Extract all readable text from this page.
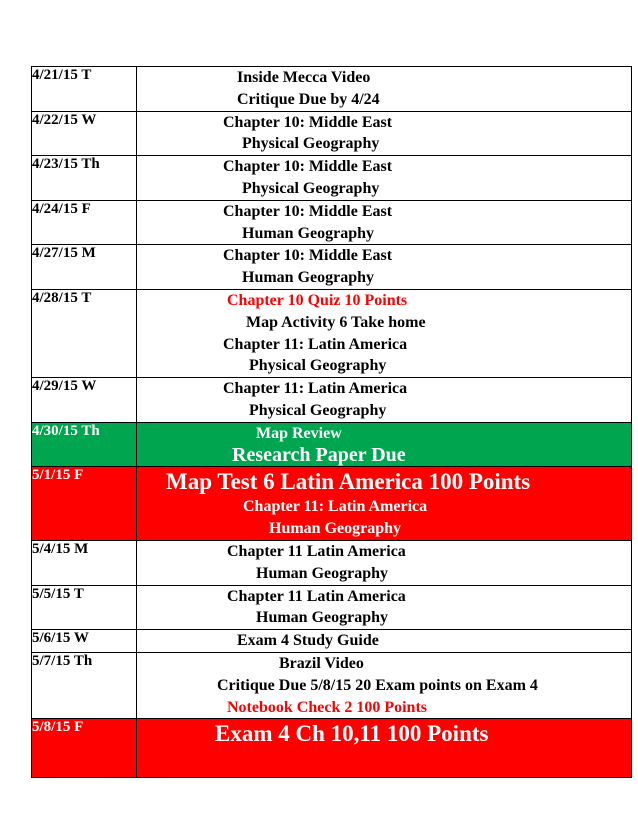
4/21/15 T	Inside Mecca Video
Critique Due by 4/24

4/22/15 W	Chapter 10: Middle East
Physical Geography

4/23/15 Th	Chapter 10: Middle East
Physical Geography

4/24/15 F	Chapter 10: Middle East
Human Geography

4/27/15 M	Chapter 10: Middle East
Human Geography

4/28/15 T	Chapter 10 Quiz 10 Points
Map Activity 6 Take home
Chapter 11: Latin America
Physical Geography

4/29/15 W	Chapter 11: Latin America
Physical Geography

4/30/15 Th	Map Review
Research Paper Due

5/1/15 F	Map Test 6 Latin America 100 Points
Chapter 11: Latin America
Human Geography

5/4/15 M	Chapter 11 Latin America
Human Geography

5/5/15 T	Chapter 11 Latin America
Human Geography

5/6/15 W	Exam 4 Study Guide

5/7/15 Th	Brazil Video
Critique Due 5/8/15 20 Exam points on Exam 4
Notebook Check 2 100 Points

5/8/15 F	Exam 4 Ch 10,11 100 Points
